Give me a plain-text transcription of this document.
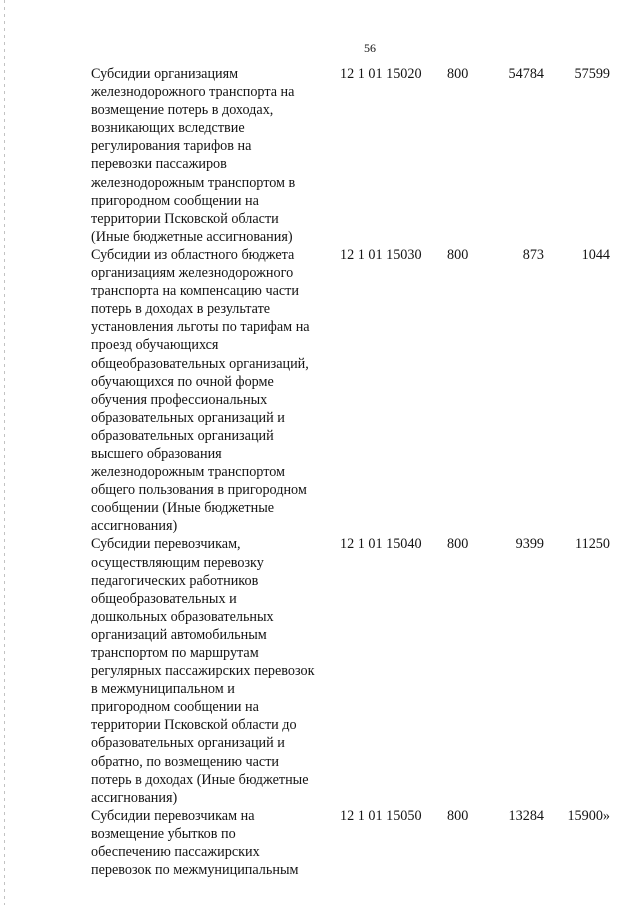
56
Субсидии организациям
железнодорожного транспорта на
возмещение потерь в доходах,
возникающих вследствие
регулирования тарифов на
перевозки пассажиров
железнодорожным транспортом в
пригородном сообщении на
территории Псковской области
(Иные бюджетные ассигнования)
12 1 01 15020 800	54784 57599
Субсидии из областного бюджета
организациям железнодорожного
транспорта на компенсацию части
потерь в доходах в результате
установления льготы по тарифам на
проезд обучающихся
общеобразовательных организаций,
обучающихся по очной форме
обучения профессиональных
образовательных организаций и
образовательных организаций
высшего образования
железнодорожным транспортом
общего пользования в пригородном
сообщении (Иные бюджетные
ассигнования)
12 1 01 15030 800	873	1044
Субсидии перевозчикам,
осуществляющим перевозку
педагогических работников
общеобразовательных и
дошкольных образовательных
организаций автомобильным
транспортом по маршрутам
регулярных пассажирских перевозок
в межмуниципальном и
пригородном сообщении на
территории Псковской области до
образовательных организаций и
обратно, по возмещению части
потерь в доходах (Иные бюджетные
ассигнования)
12 1 01 15040 800	9399 11250
Субсидии перевозчикам на
возмещение убытков по
обеспечению пассажирских
перевозок по межмуниципальным
12 1 01 15050 800	13284 15900»
